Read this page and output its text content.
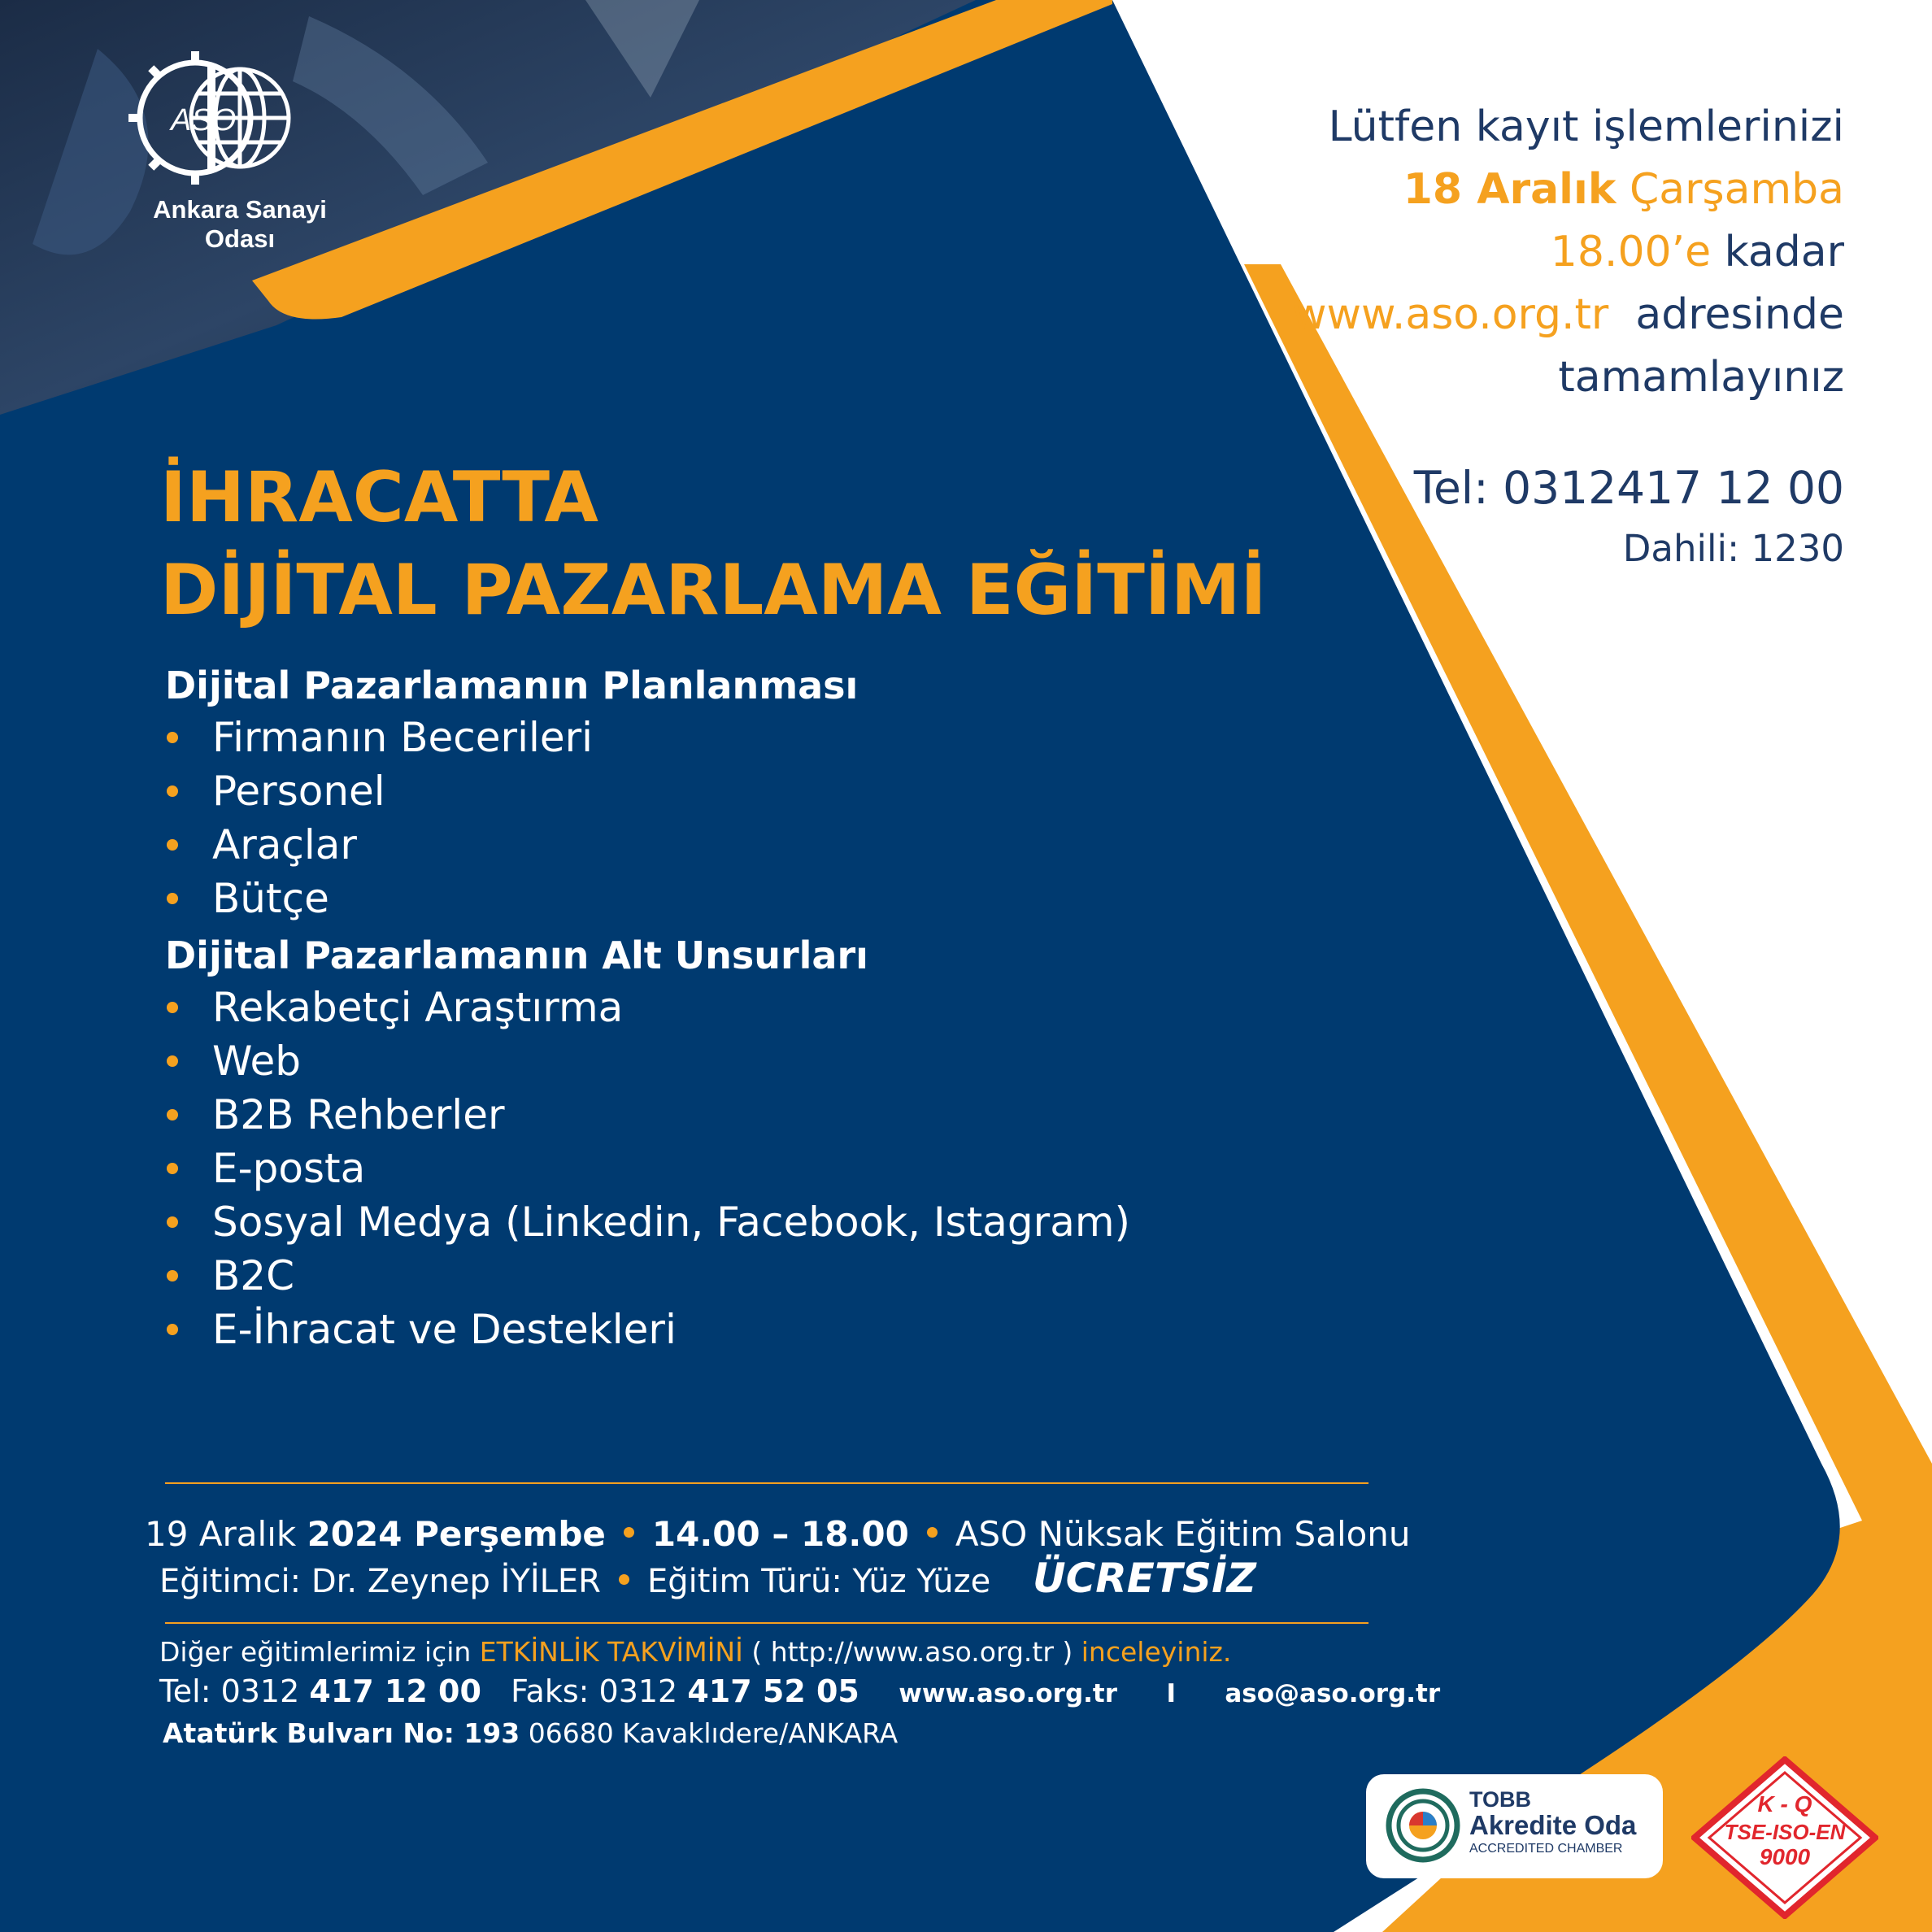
ASO
Ankara Sanayi Odası
Lütfen kayıt işlemlerinizi
18 Aralık Çarşamba
18.00’e kadar
www.aso.org.tr adresinde
tamamlayınız
Tel: 0312417 12 00
Dahili: 1230
İHRACATTA
DİJİTAL PAZARLAMA EĞİTİMİ
Dijital Pazarlamanın Planlanması
Firmanın Becerileri
Personel
Araçlar
Bütçe
Dijital Pazarlamanın Alt Unsurları
Rekabetçi Araştırma
Web
B2B Rehberler
E-posta
Sosyal Medya (Linkedin, Facebook, Istagram)
B2C
E-İhracat ve Destekleri
19 Aralık 2024 Perşembe 14.00 – 18.00 ASO Nüksak Eğitim Salonu
Eğitimci: Dr. Zeynep İYİLER Eğitim Türü: Yüz Yüze ÜCRETSİZ
Diğer eğitimlerimiz için ETKİNLİK TAKVİMİNİ ( http://www.aso.org.tr ) inceleyiniz.
Tel: 0312 417 12 00 Faks: 0312 417 52 05 www.aso.org.tr I aso@aso.org.tr
Atatürk Bulvarı No: 193 06680 Kavaklıdere/ANKARA
TOBB
Akredite Oda
ACCREDITED CHAMBER
K - Q
TSE-ISO-EN
9000
